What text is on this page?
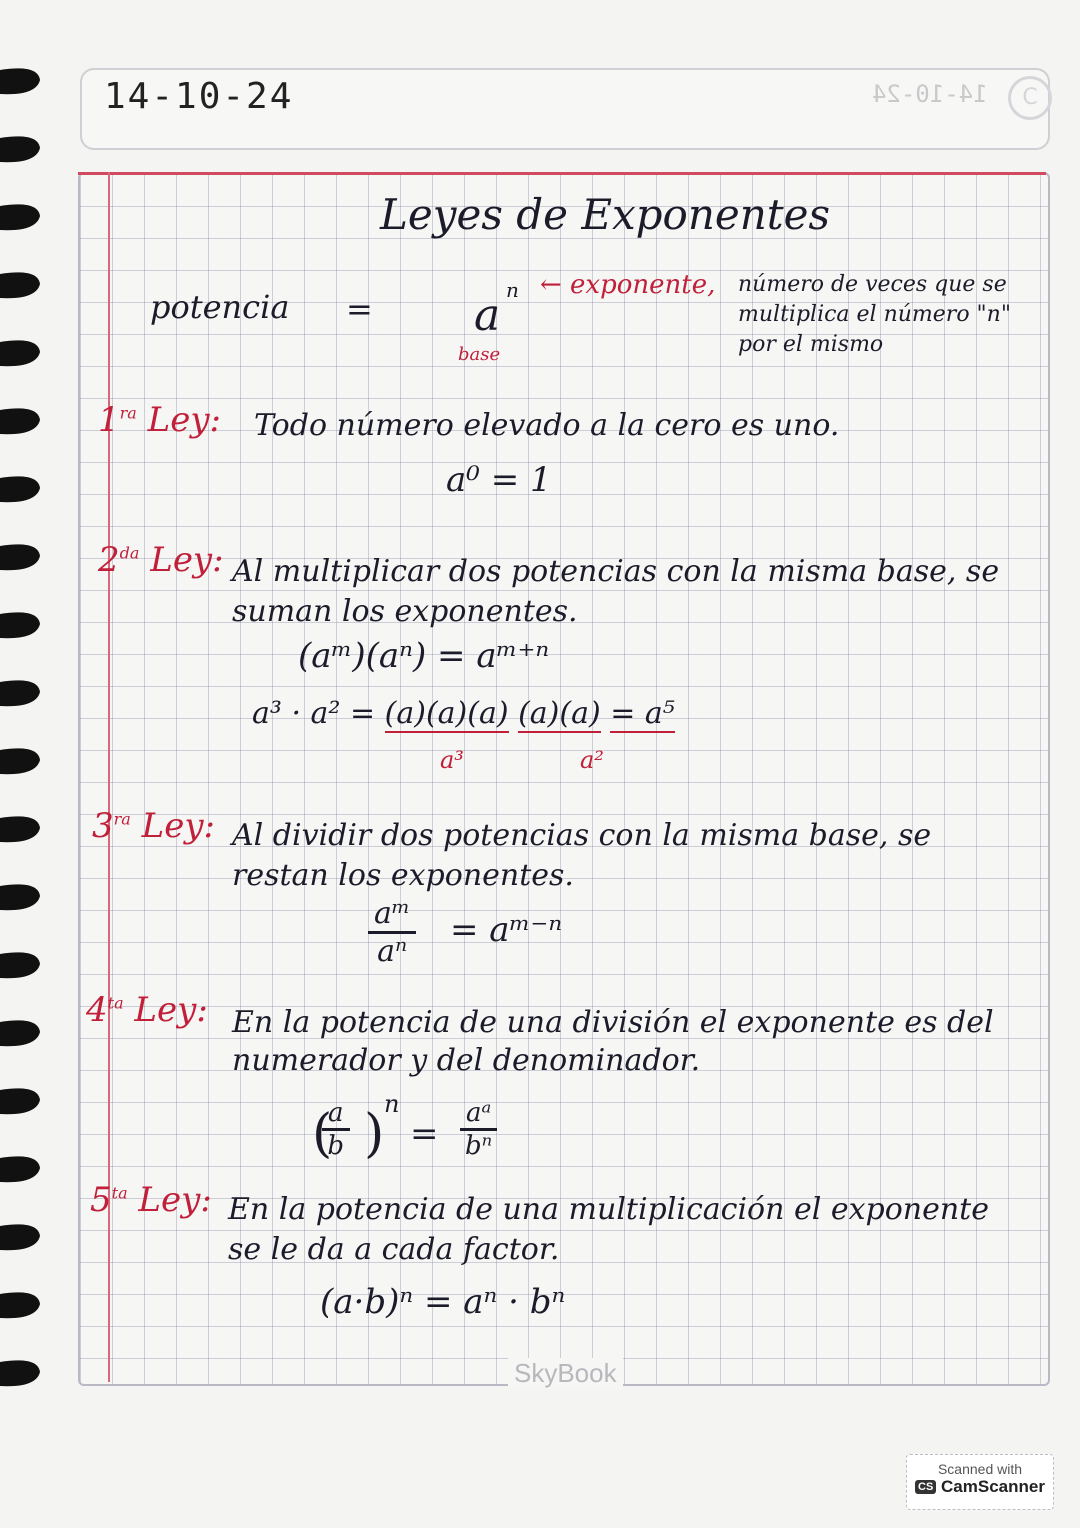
14-10-24	14-10-24	C
Leyes de Exponentes
potencia = a n
base
← exponente, número de veces que se multiplica el número "n" por el mismo
$1^{ra}$ Ley: Todo número elevado a la cero es uno.
a⁰ = 1
$2^{da}$ Ley: Al multiplicar dos potencias con la misma base, se suman los exponentes.
(aᵐ)(aⁿ) = aᵐ⁺ⁿ
a³ · a² = (a)(a)(a) (a)(a) = a⁵
a³	a²
$3^{ra}$ Ley: Al dividir dos potencias con la misma base, se restan los exponentes.
$\frac{\text{aᵐ}}{\text{aⁿ}}$ = aᵐ⁻ⁿ
$4^{ta}$ Ley: En la potencia de una división el exponente es del numerador y del denominador.
(
$\frac{a}{b}$ ) n
= $\frac{\text{aᵃ}}{\text{bⁿ}}$
$5^{ta}$ Ley: En la potencia de una multiplicación el exponente se le da a cada factor.
(a·b)ⁿ = aⁿ · bⁿ
SkyBook
Scanned with
CS CamScanner
